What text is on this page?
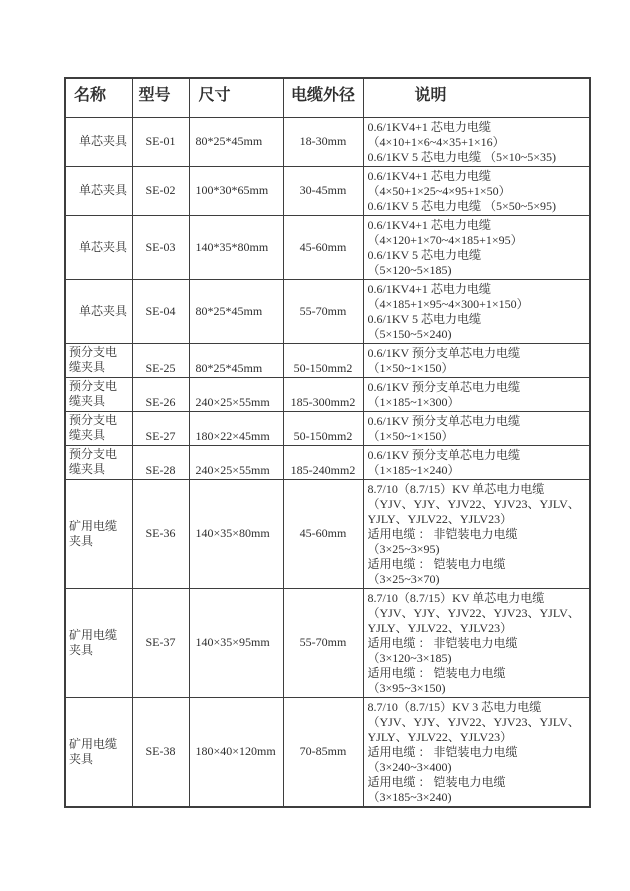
名称	型号	尺寸	电缆外径	说明
单芯夹具	SE-01	80*25*45mm	18-30mm	0.6/1KV4+1 芯电力电缆
（4×10+1×6~4×35+1×16）
0.6/1KV 5 芯电力电缆 （5×10~5×35)

单芯夹具	SE-02	100*30*65mm	30-45mm	0.6/1KV4+1 芯电力电缆
（4×50+1×25~4×95+1×50）
0.6/1KV 5 芯电力电缆 （5×50~5×95)

单芯夹具	SE-03	140*35*80mm	45-60mm	0.6/1KV4+1 芯电力电缆
（4×120+1×70~4×185+1×95）
0.6/1KV 5 芯电力电缆
（5×120~5×185)

单芯夹具	SE-04	80*25*45mm	55-70mm	0.6/1KV4+1 芯电力电缆
（4×185+1×95~4×300+1×150）
0.6/1KV 5 芯电力电缆
（5×150~5×240)

预分支电缆夹具	SE-25	80*25*45mm	50-150mm2	0.6/1KV 预分支单芯电力电缆
（1×50~1×150）

预分支电缆夹具	SE-26	240×25×55mm	185-300mm2	0.6/1KV 预分支单芯电力电缆
（1×185~1×300）

预分支电缆夹具	SE-27	180×22×45mm	50-150mm2	0.6/1KV 预分支单芯电力电缆
（1×50~1×150）

预分支电缆夹具	SE-28	240×25×55mm	185-240mm2	0.6/1KV 预分支单芯电力电缆
（1×185~1×240）

矿用电缆夹具	SE-36	140×35×80mm	45-60mm	
8.7/10（8.7/15）KV 单芯电力电缆
（YJV、YJY、YJV22、YJV23、YJLV、
YJLY、YJLV22、YJLV23）
适用电缆 ： 非铠装电力电缆
（3×25~3×95)
适用电缆 ： 铠装电力电缆
（3×25~3×70)

矿用电缆夹具	SE-37	140×35×95mm	55-70mm	
8.7/10（8.7/15）KV 单芯电力电缆
（YJV、YJY、YJV22、YJV23、YJLV、
YJLY、YJLV22、YJLV23）
适用电缆 ： 非铠装电力电缆
（3×120~3×185)
适用电缆 ： 铠装电力电缆
（3×95~3×150)

矿用电缆夹具	SE-38	180×40×120mm	70-85mm	
8.7/10（8.7/15）KV 3 芯电力电缆
（YJV、YJY、YJV22、YJV23、YJLV、
YJLY、YJLV22、YJLV23）
适用电缆 ： 非铠装电力电缆
（3×240~3×400)
适用电缆 ： 铠装电力电缆
（3×185~3×240)
